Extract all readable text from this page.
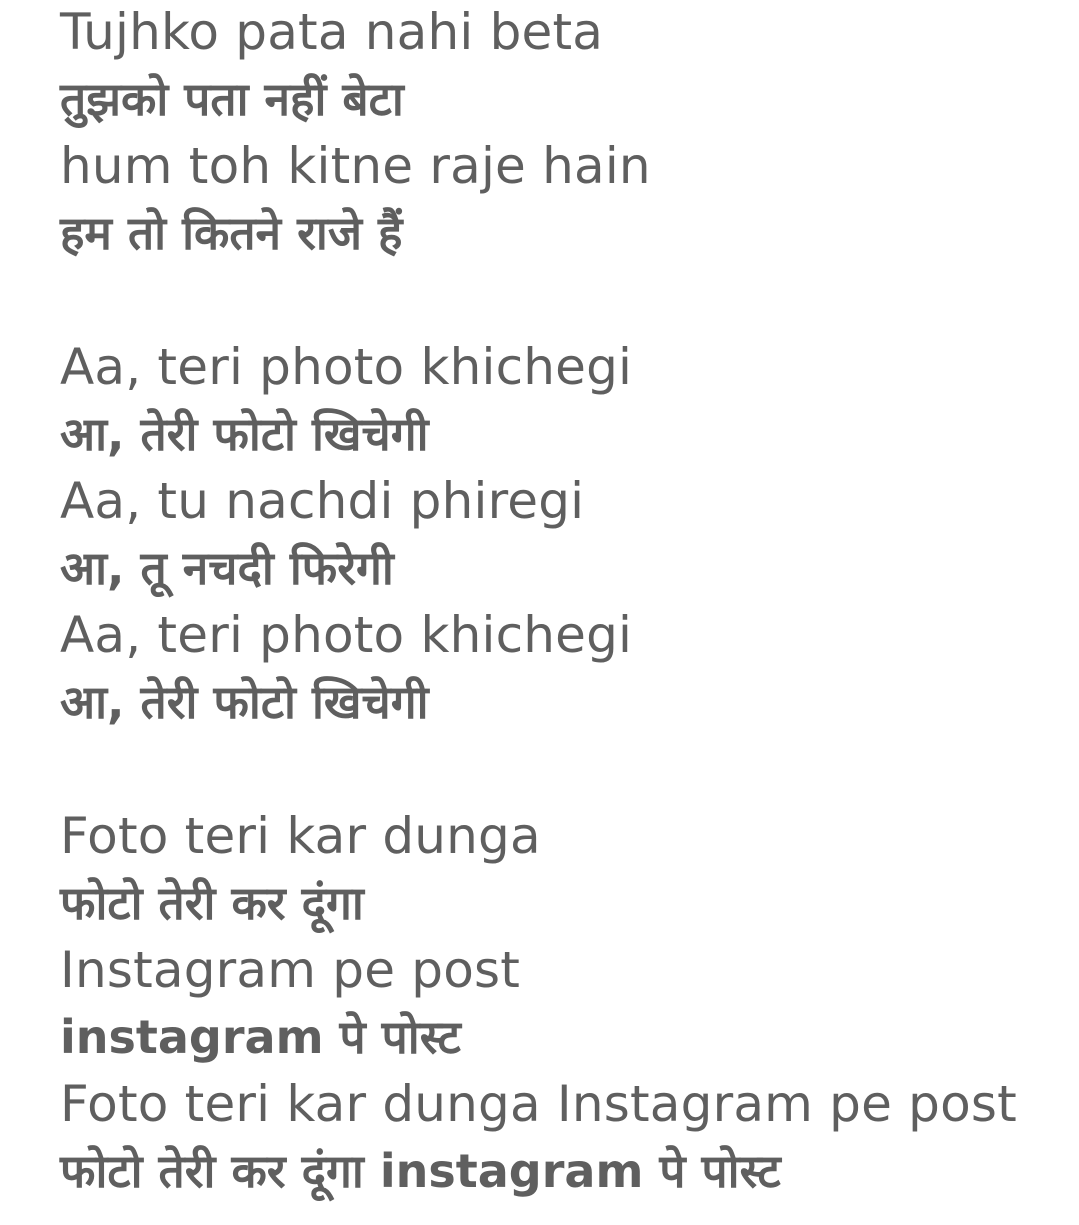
Tujhko pata nahi beta
तुझको पता नहीं बेटा
hum toh kitne raje hain
हम तो कितने राजे हैं
Aa, teri photo khichegi
आ, तेरी फोटो खिचेगी
Aa, tu nachdi phiregi
आ, तू नचदी फिरेगी
Aa, teri photo khichegi
आ, तेरी फोटो खिचेगी
Foto teri kar dunga
फोटो तेरी कर दूंगा
Instagram pe post
instagram पे पोस्ट
Foto teri kar dunga Instagram pe post
फोटो तेरी कर दूंगा instagram पे पोस्ट
